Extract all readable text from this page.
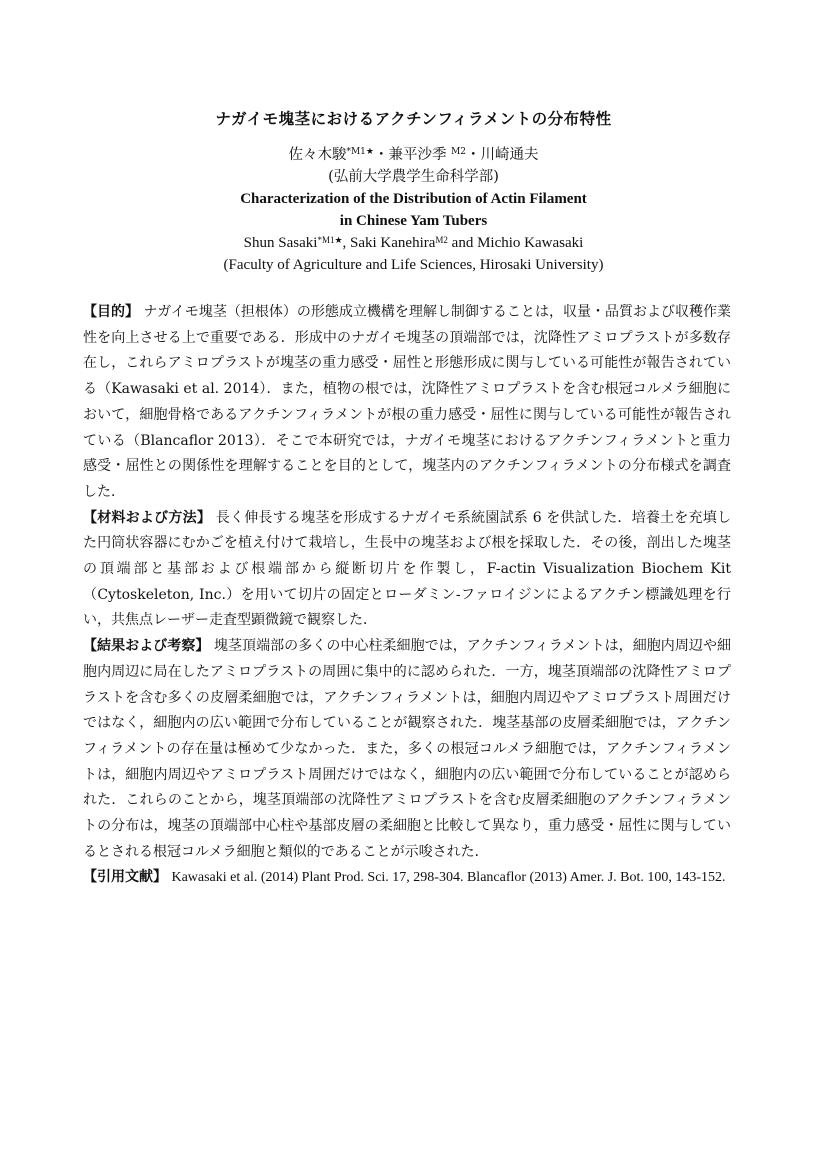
ナガイモ塊茎におけるアクチンフィラメントの分布特性
佐々木駿$^{*M1★}$・兼平沙季 $^{M2}$・川崎通夫
(弘前大学農学生命科学部)
Characterization of the Distribution of Actin Filament
in Chinese Yam Tubers
Shun Sasaki$^{*M1★}$, Saki Kanehira$^{M2}$ and Michio Kawasaki
(Faculty of Agriculture and Life Sciences, Hirosaki University)

【目的】 ナガイモ塊茎（担根体）の形態成立機構を理解し制御することは，収量・品質および収穫作業性を向上させる上で重要である．形成中のナガイモ塊茎の頂端部では，沈降性アミロプラストが多数存在し，これらアミロプラストが塊茎の重力感受・屈性と形態形成に関与している可能性が報告されている（Kawasaki et al. 2014）．また，植物の根では，沈降性アミロプラストを含む根冠コルメラ細胞において，細胞骨格であるアクチンフィラメントが根の重力感受・屈性に関与している可能性が報告されている（Blancaflor 2013）．そこで本研究では，ナガイモ塊茎におけるアクチンフィラメントと重力感受・屈性との関係性を理解することを目的として，塊茎内のアクチンフィラメントの分布様式を調査した．

【材料および方法】 長く伸長する塊茎を形成するナガイモ系統園試系 6 を供試した．培養土を充填した円筒状容器にむかごを植え付けて栽培し，生長中の塊茎および根を採取した．その後，剖出した塊茎の頂端部と基部および根端部から縦断切片を作製し，F-actin Visualization Biochem Kit（Cytoskeleton, Inc.）を用いて切片の固定とローダミン-ファロイジンによるアクチン標識処理を行い，共焦点レーザー走査型顕微鏡で観察した．

【結果および考察】 塊茎頂端部の多くの中心柱柔細胞では，アクチンフィラメントは，細胞内周辺や細胞内周辺に局在したアミロプラストの周囲に集中的に認められた．一方，塊茎頂端部の沈降性アミロプラストを含む多くの皮層柔細胞では，アクチンフィラメントは，細胞内周辺やアミロプラスト周囲だけではなく，細胞内の広い範囲で分布していることが観察された．塊茎基部の皮層柔細胞では，アクチンフィラメントの存在量は極めて少なかった．また，多くの根冠コルメラ細胞では，アクチンフィラメントは，細胞内周辺やアミロプラスト周囲だけではなく，細胞内の広い範囲で分布していることが認められた．これらのことから，塊茎頂端部の沈降性アミロプラストを含む皮層柔細胞のアクチンフィラメントの分布は，塊茎の頂端部中心柱や基部皮層の柔細胞と比較して異なり，重力感受・屈性に関与しているとされる根冠コルメラ細胞と類似的であることが示唆された．

【引用文献】 Kawasaki et al. (2014) Plant Prod. Sci. 17, 298-304. Blancaflor (2013) Amer. J. Bot. 100, 143-152.
